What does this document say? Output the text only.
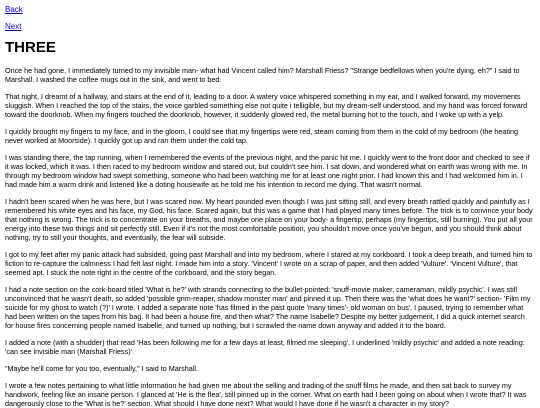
Back
Next
THREE

Once he had gone, I immediately turned to my invisible man- what had Vincent called him? Marshall Friess? "Strange bedfellows when you're dying, eh?" I said to Marshall. I washed the coffee mugs out in the sink, and went to bed.

That night, I dreamt of a hallway, and stairs at the end of it, leading to a door. A watery voice whispered something in my ear, and I walked forward, my movements sluggish. When I reached the top of the stairs, the voice garbled something else not quite i telligible, but my dream-self understood, and my hand was forced forward toward the doorknob. When my fingers touched the doorknob, however, it suddenly glowed red, the metal burning hot to the touch, and I woke up with a yelp.

I quickly brought my fingers to my face, and in the gloom, I could see that my fingertips were red, steam coming from them in the cold of my bedroom (the heating never worked at Moorside). I quickly got up and ran them under the cold tap.

I was standing there, the tap running, when I remembered the events of the previous night, and the panic hit me. I quickly went to the front door and checked to see if it was locked, which it was. I then raced to my bedroom window and stared out, but couldn't see him. I sat down, and wondered what on earth was wrong with me. In through my bedroom window had swept something, someone who had been watching me for at least one night prior. I had known this and I had welcomed him in. I had made him a warm drink and listened like a doting housewife as he told me his intention to record me dying. That wasn't normal.

I hadn't been scared when he was here, but I was scared now. My heart pounded even though I was just sitting still, and every breath rattled quickly and painfully as I remembered his white eyes and his face, my God, his face. Scared again, but this was a game that I had played many times before. The trick is to convince your body that nothing is wrong. The trick is to concentrate on your breaths, and maybe one place on your body- a fingertip, perhaps (my fingertips, still burning). You put all your energy into these two things and sit perfectly still. Even if it's not the most comfortable position, you shouldn't move once you've begun, and you should think about nothing, try to still your thoughts, and eventually, the fear will subside.

I got to my feet after my panic attack had subsided, going past Marshall and into my bedroom, where I stared at my corkboard. I took a deep breath, and turned him to fiction to re-capture the calmness I had felt last night. I made him into a story. 'Vincent' I wrote on a scrap of paper, and then added 'Vulture'. 'Vincent Vulture', that seemed apt. I stuck the note right in the centre of the corkboard, and the story began.

I had a note section on the cork-board titled 'What is he?' with strands connecting to the bullet-pointed: 'snuff-movie maker, cameraman, mildly psychic'. I was still unconvinced that he wasn't death, so added 'possible grim-reaper, shadow monster man' and pinned it up. Then there was the 'what does he want?' section- 'Film my suicide for my ghost to watch (?)' I wrote. I added a separate note 'has filmed in the past quote 'many times'- old woman on bus'. I paused, trying to remember what had been written on the tapes from his bag. It had been a house fire, and then what? The name Isabelle? Despite my better judgement, I did a quick internet search for house fires concerning people named Isabelle, and turned up nothing, but I scrawled the name down anyway and added it to the board.

I added a note (with a shudder) that read 'Has been following me for a few days at least, filmed me sleeping'. I underlined 'mildly psychic' and added a note reading: 'can see invisible man (Marshall Friess)'.

"Maybe he'll come for you too, eventually," I said to Marshall.

I wrote a few notes pertaining to what little information he had given me about the selling and trading of the snuff films he made, and then sat back to survey my handiwork, feeling like an insane person. I glanced at 'He is the flea', still pinned up in the corner. What on earth had I been going on about when I wrote that? It was dangerously close to the 'What is he?' section. What should I have done next? What would I have done if he wasn't a character in my story?
